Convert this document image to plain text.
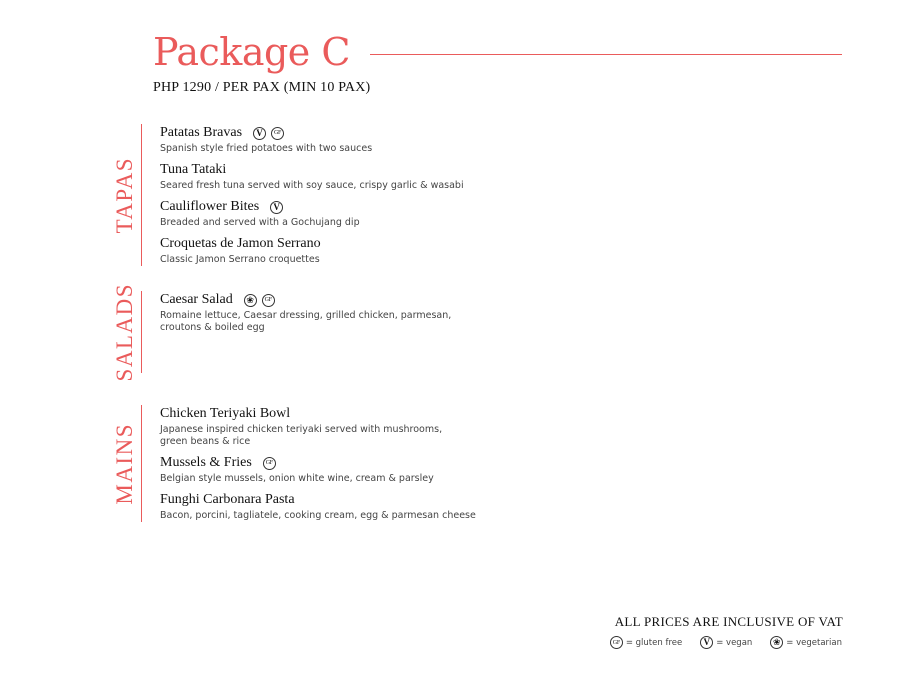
Package C
PHP 1290 / PER PAX (MIN 10 PAX)
TAPAS
Patatas Bravas	V	GF
Spanish style fried potatoes with two sauces
Tuna Tataki
Seared fresh tuna served with soy sauce, crispy garlic & wasabi
Cauliflower Bites	V
Breaded and served with a Gochujang dip
Croquetas de Jamon Serrano
Classic Jamon Serrano croquettes
SALADS Caesar Salad	❀	GF
Romaine lettuce, Caesar dressing, grilled chicken, parmesan,
croutons & boiled egg
MAINS
Chicken Teriyaki Bowl
Japanese inspired chicken teriyaki served with mushrooms,
green beans & rice
Mussels & Fries	GF
Belgian style mussels, onion white wine, cream & parsley
Funghi Carbonara Pasta
Bacon, porcini, tagliatele, cooking cream, egg & parmesan cheese
ALL PRICES ARE INCLUSIVE OF VAT
GF = gluten free	V = vegan	❀ = vegetarian
